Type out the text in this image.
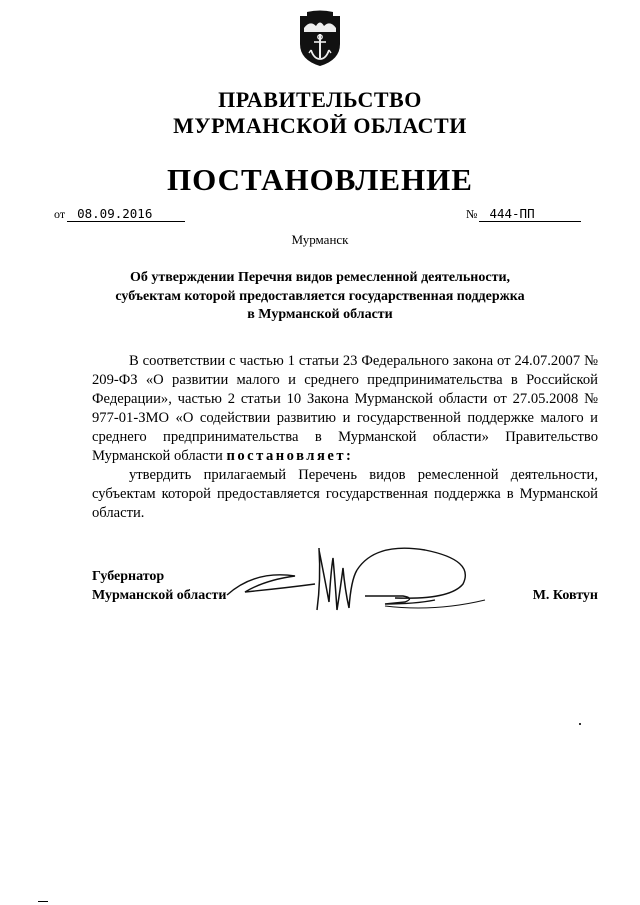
ПРАВИТЕЛЬСТВО
МУРМАНСКОЙ ОБЛАСТИ
ПОСТАНОВЛЕНИЕ
от 08.09.2016	№ 444-ПП
Мурманск
Об утверждении Перечня видов ремесленной деятельности,
субъектам которой предоставляется государственная поддержка
в Мурманской области

В соответствии с частью 1 статьи 23 Федерального закона от 24.07.2007 № 209-ФЗ «О развитии малого и среднего предпринимательства в Российской Федерации», частью 2 статьи 10 Закона Мурманской области от 27.05.2008 № 977-01-ЗМО «О содействии развитию и государственной поддержке малого и среднего предпринимательства в Мурманской области» Правительство Мурманской области постановляет:

утвердить прилагаемый Перечень видов ремесленной деятельности, субъектам которой предоставляется государственная поддержка в Мурманской области.

Губернатор
Мурманской области	М. Ковтун
